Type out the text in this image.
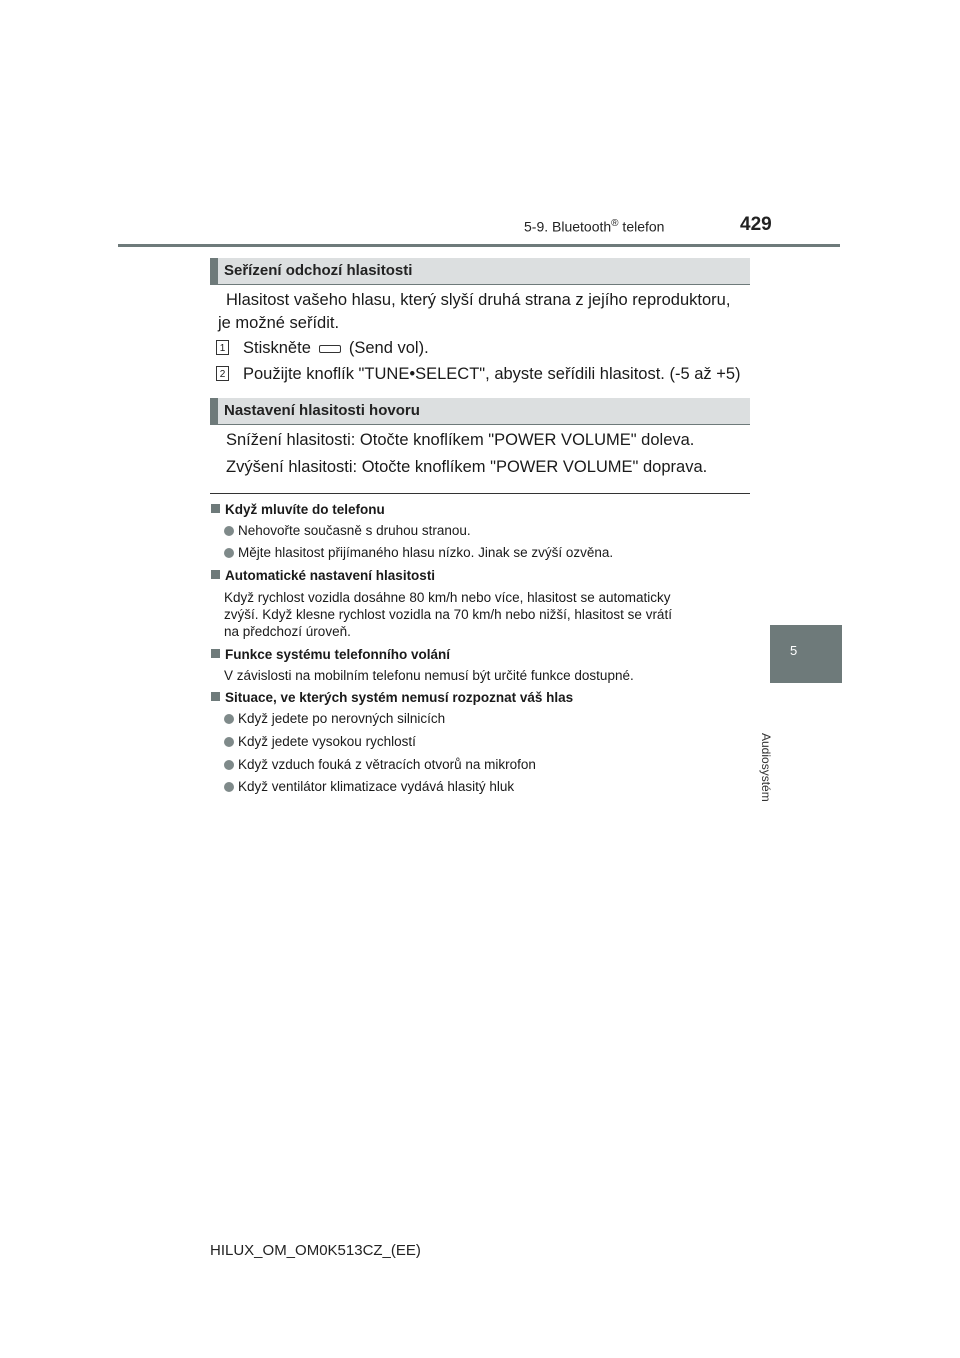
5-9. Bluetooth® telefon	429
5
Audiosystém
Seřízení odchozí hlasitosti
Hlasitost vašeho hlasu, který slyší druhá strana z jejího reproduktoru,
je možné seřídit.
1 Stiskněte (Send vol).
2 Použijte knoflík "TUNE•SELECT", abyste seřídili hlasitost. (-5 až +5)
Nastavení hlasitosti hovoru
Snížení hlasitosti: Otočte knoflíkem "POWER VOLUME" doleva.
Zvýšení hlasitosti: Otočte knoflíkem "POWER VOLUME" doprava.
Když mluvíte do telefonu
Nehovořte současně s druhou stranou.
Mějte hlasitost přijímaného hlasu nízko. Jinak se zvýší ozvěna.
Automatické nastavení hlasitosti
Když rychlost vozidla dosáhne 80 km/h nebo více, hlasitost se automaticky
zvýší. Když klesne rychlost vozidla na 70 km/h nebo nižší, hlasitost se vrátí
na předchozí úroveň.
Funkce systému telefonního volání
V závislosti na mobilním telefonu nemusí být určité funkce dostupné.
Situace, ve kterých systém nemusí rozpoznat váš hlas
Když jedete po nerovných silnicích
Když jedete vysokou rychlostí
Když vzduch fouká z větracích otvorů na mikrofon
Když ventilátor klimatizace vydává hlasitý hluk
HILUX_OM_OM0K513CZ_(EE)
